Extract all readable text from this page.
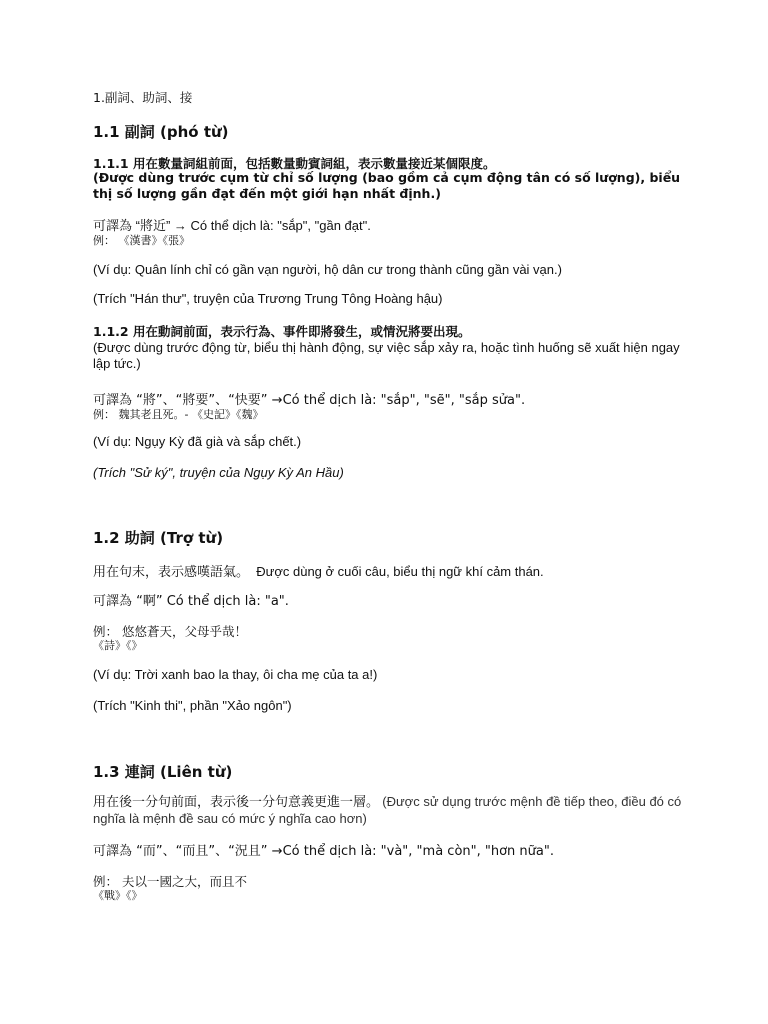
1.副詞、助詞、接
1.1 副詞 (phó từ)
1.1.1 用在數量詞組前面，包括數量動賓詞組，表示數量接近某個限度。
(Được dùng trước cụm từ chỉ số lượng (bao gồm cả cụm động tân có số lượng), biểu thị số lượng gần đạt đến một giới hạn nhất định.)
可譯為 “將近” → Có thể dịch là: "sắp", "gần đạt".
例： 《漢書》《張》
(Ví dụ: Quân lính chỉ có gần vạn người, hộ dân cư trong thành cũng gần vài vạn.)
(Trích "Hán thư", truyện của Trương Trung Tông Hoàng hậu)
1.1.2 用在動詞前面，表示行為、事件即將發生，或情況將要出現。
(Được dùng trước động từ, biểu thị hành động, sự việc sắp xảy ra, hoặc tình huống sẽ xuất hiện ngay lập tức.)
可譯為 “將”、“將要”、“快要” →Có thể dịch là: "sắp", "sẽ", "sắp sửa".
例： 魏其老且死。- 《史記》《魏》
(Ví dụ: Ngụy Kỳ đã già và sắp chết.)
(Trích "Sử ký", truyện của Ngụy Kỳ An Hầu)
1.2 助詞 (Trợ từ)
用在句末，表示感嘆語氣。 Được dùng ở cuối câu, biểu thị ngữ khí cảm thán.
可譯為 “啊” Có thể dịch là: "a".
例： 悠悠蒼天，父母乎哉！
《詩》《》
(Ví dụ: Trời xanh bao la thay, ôi cha mẹ của ta a!)
(Trích "Kinh thi", phần "Xảo ngôn")
1.3 連詞 (Liên từ)
用在後一分句前面，表示後一分句意義更進一層。 (Được sử dụng trước mệnh đề tiếp theo, điều đó có nghĩa là mệnh đề sau có mức ý nghĩa cao hơn)
可譯為 “而”、“而且”、“況且” →Có thể dịch là: "và", "mà còn", "hơn nữa".
例： 夫以一國之大，而且不
《戰》《》
